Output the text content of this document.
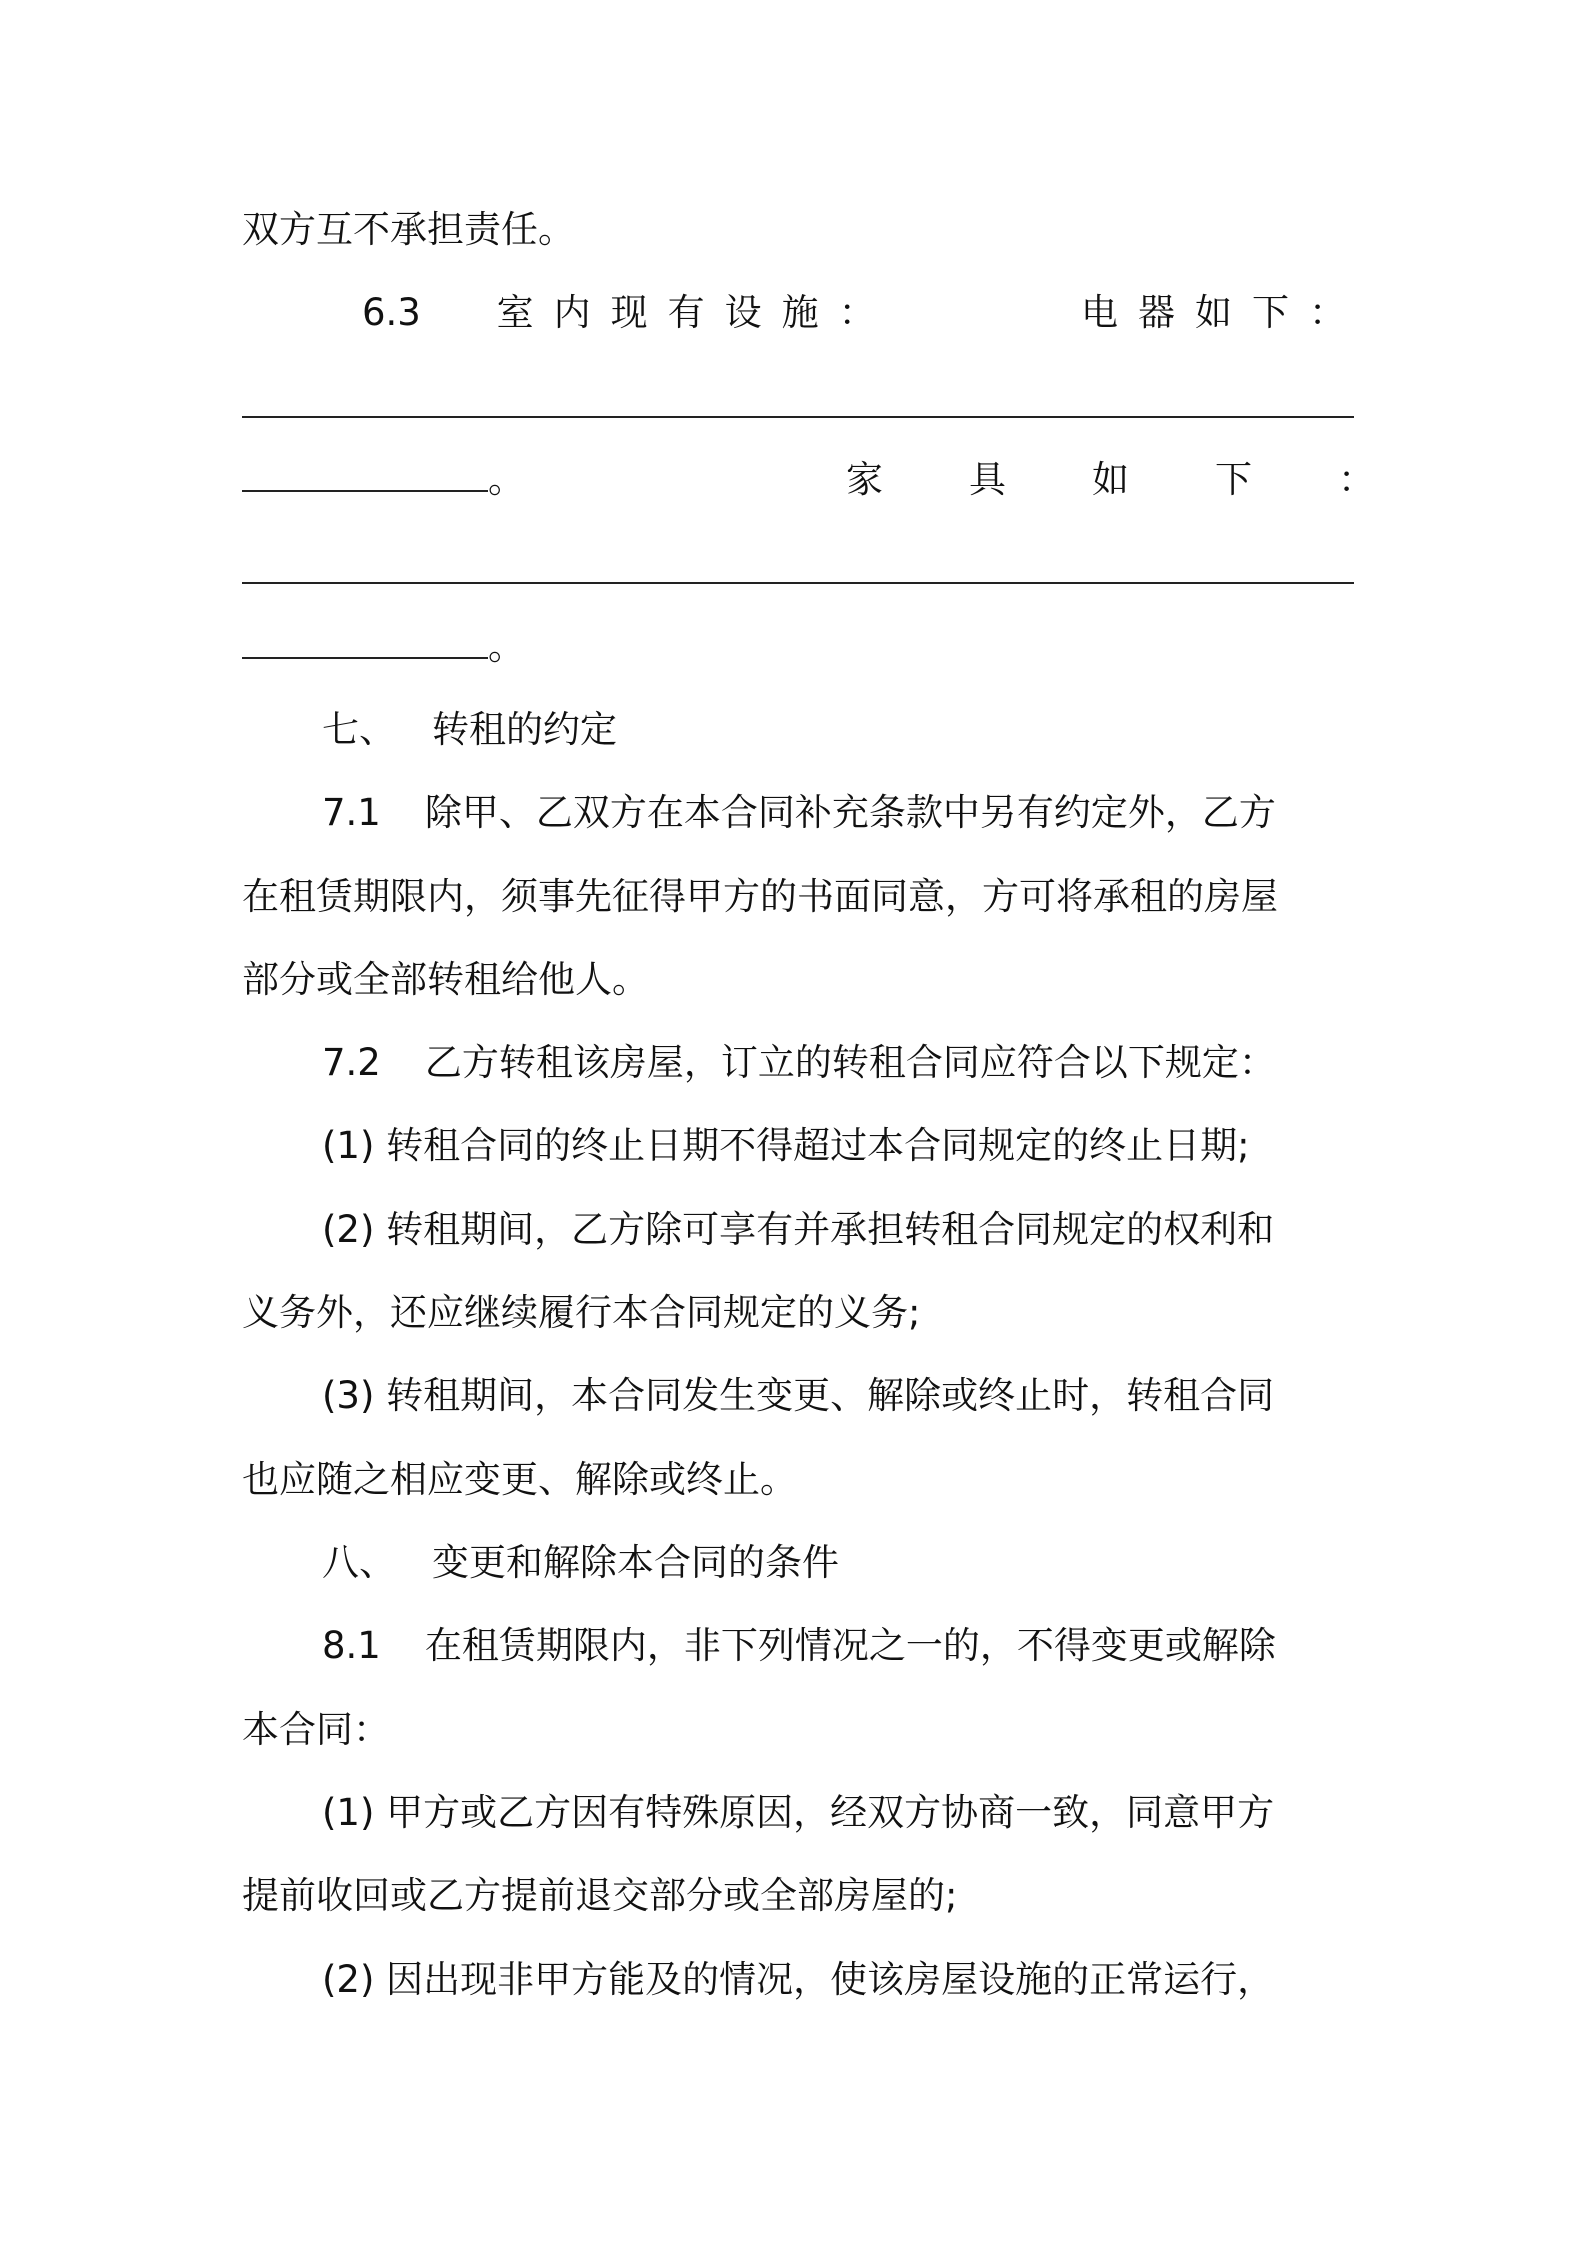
双方互不承担责任。
6.3 室内现有设施：	电器如下：
。	家具如下：
。
七、 转租的约定
7.1 除甲、乙双方在本合同补充条款中另有约定外，乙方
在租赁期限内，须事先征得甲方的书面同意，方可将承租的房屋
部分或全部转租给他人。
7.2 乙方转租该房屋，订立的转租合同应符合以下规定：
(1) 转租合同的终止日期不得超过本合同规定的终止日期;
(2) 转租期间，乙方除可享有并承担转租合同规定的权利和
义务外，还应继续履行本合同规定的义务;
(3) 转租期间，本合同发生变更、解除或终止时，转租合同
也应随之相应变更、解除或终止。
八、 变更和解除本合同的条件
8.1 在租赁期限内，非下列情况之一的，不得变更或解除
本合同：
(1) 甲方或乙方因有特殊原因，经双方协商一致，同意甲方
提前收回或乙方提前退交部分或全部房屋的;
(2) 因出现非甲方能及的情况，使该房屋设施的正常运行，
